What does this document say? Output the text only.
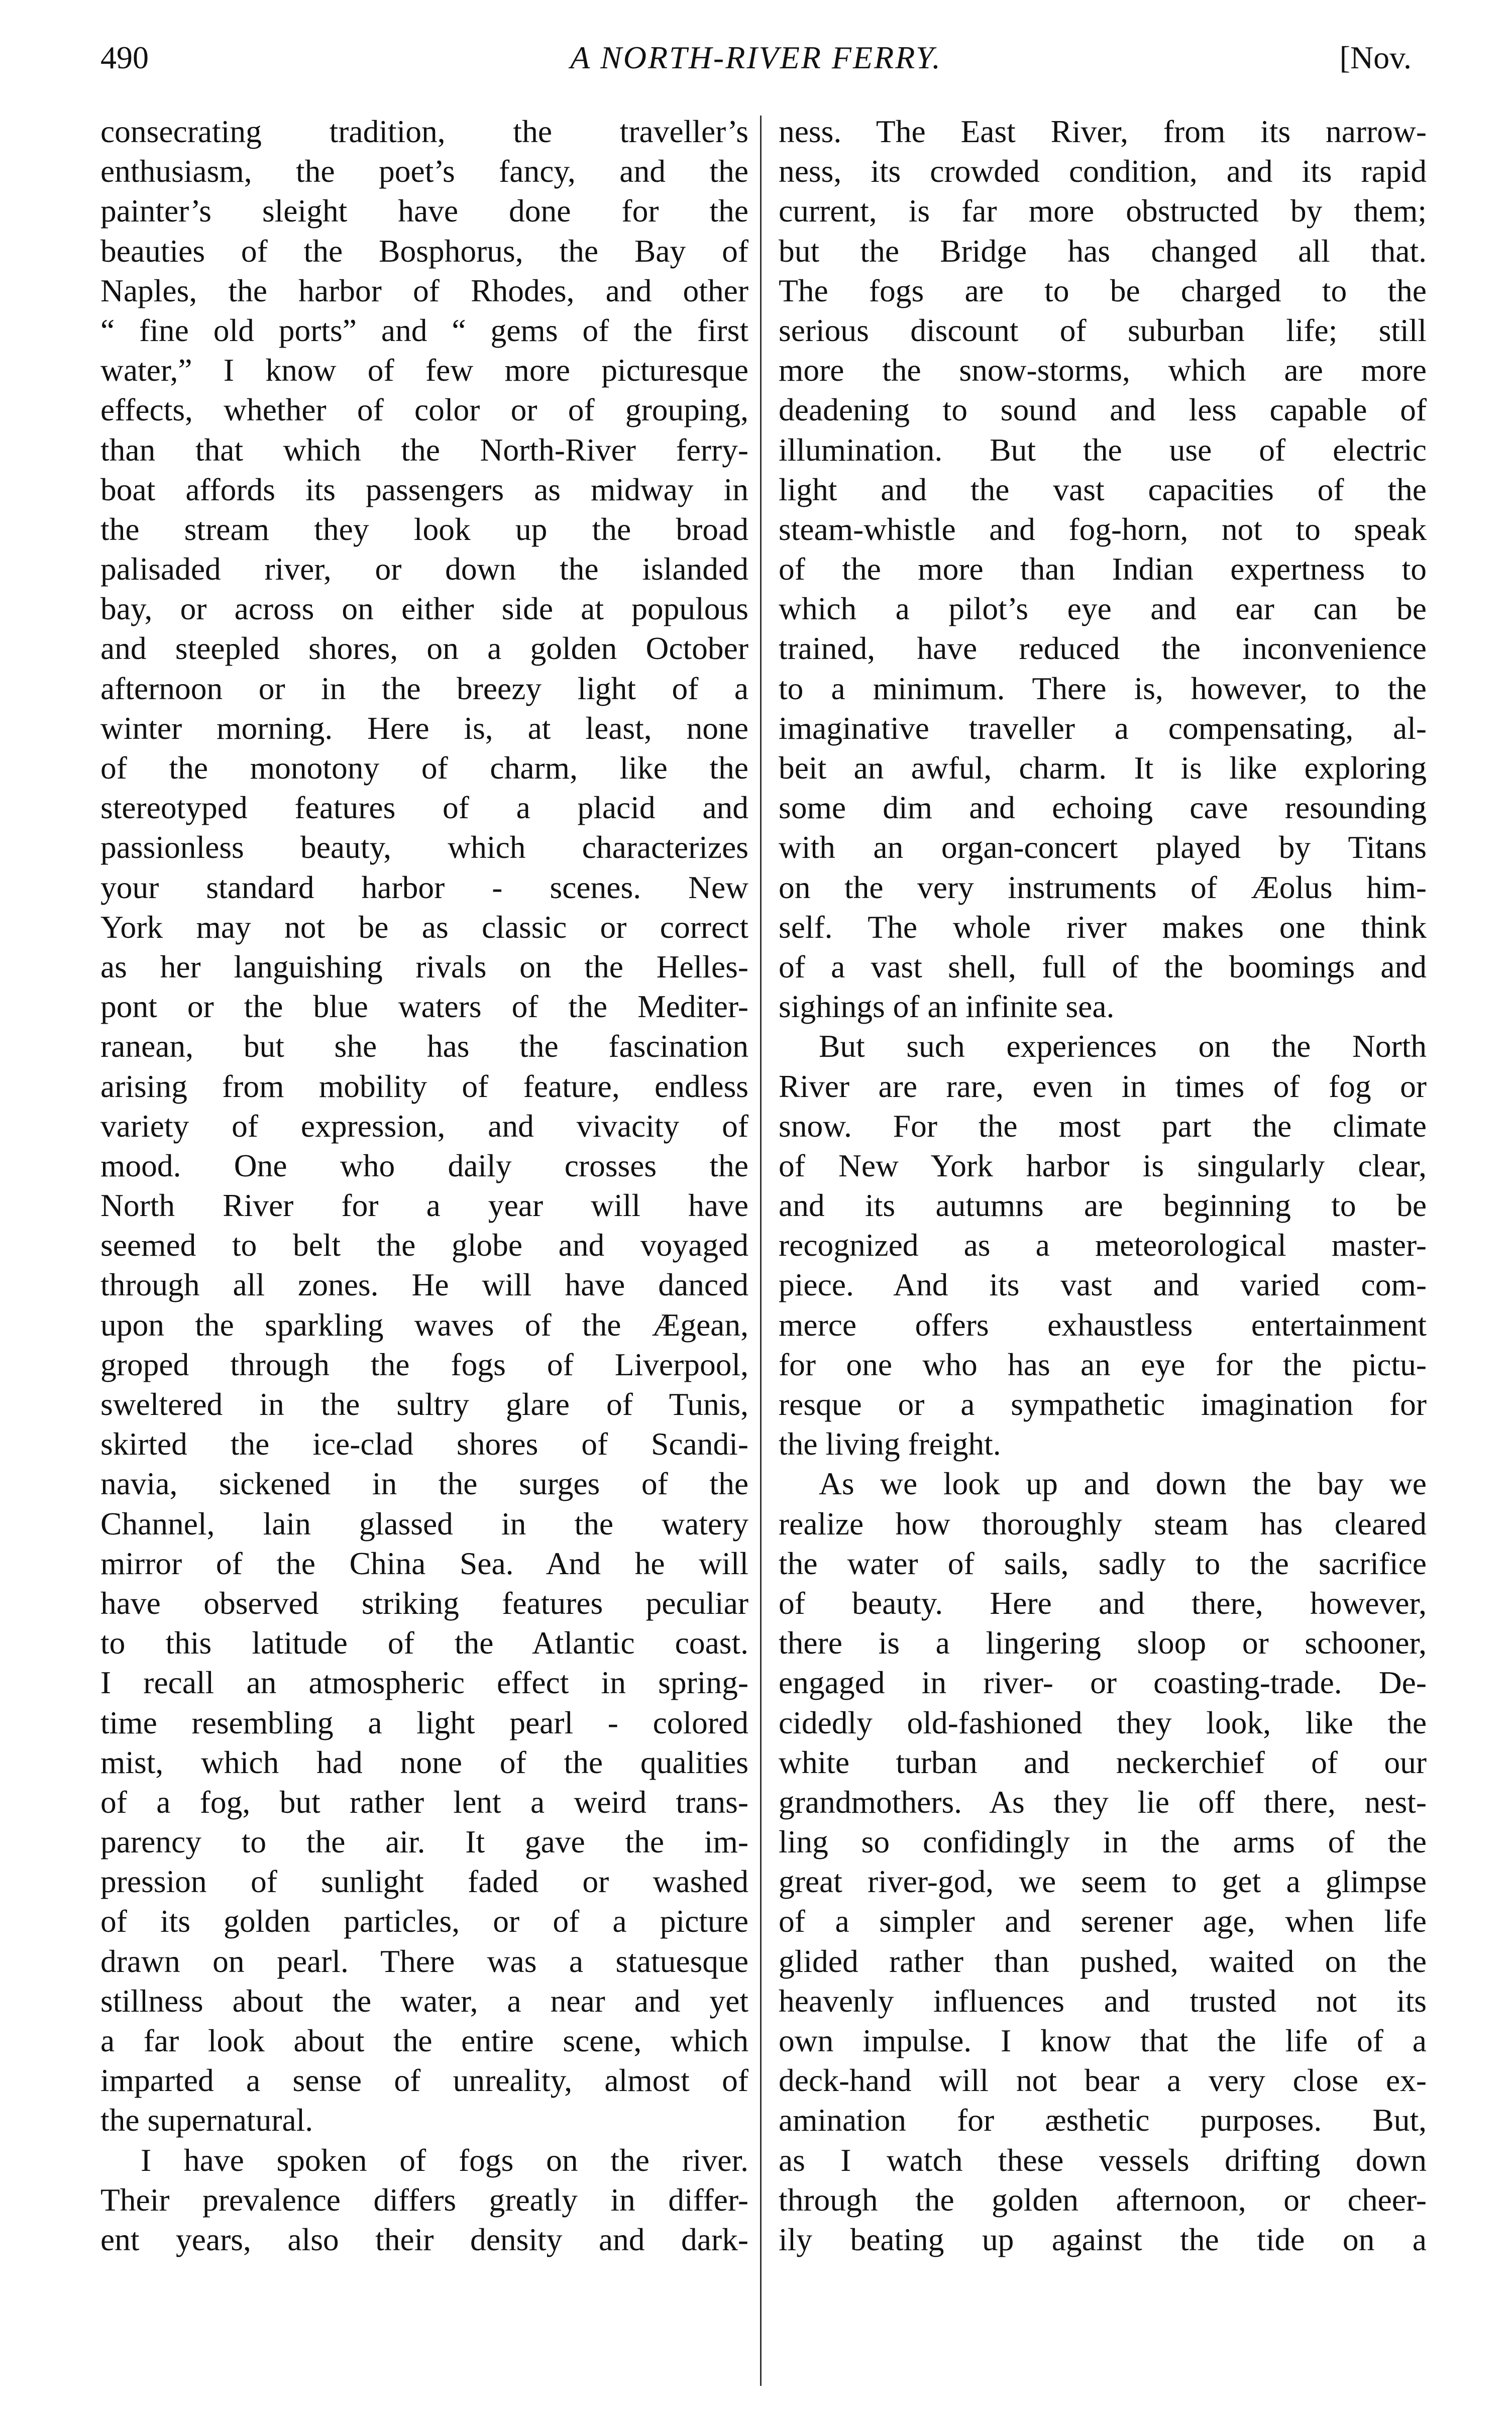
490	A NORTH-RIVER FERRY.	[Nov.
consecrating tradition, the traveller’s
enthusiasm, the poet’s fancy, and the
painter’s sleight have done for the
beauties of the Bosphorus, the Bay of
Naples, the harbor of Rhodes, and other
“ fine old ports” and “ gems of the first
water,” I know of few more picturesque
effects, whether of color or of grouping,
than that which the North-River ferry-
boat affords its passengers as midway in
the stream they look up the broad
palisaded river, or down the islanded
bay, or across on either side at populous
and steepled shores, on a golden October
afternoon or in the breezy light of a
winter morning. Here is, at least, none
of the monotony of charm, like the
stereotyped features of a placid and
passionless beauty, which characterizes
your standard harbor - scenes. New
York may not be as classic or correct
as her languishing rivals on the Helles-
pont or the blue waters of the Mediter-
ranean, but she has the fascination
arising from mobility of feature, endless
variety of expression, and vivacity of
mood. One who daily crosses the
North River for a year will have
seemed to belt the globe and voyaged
through all zones. He will have danced
upon the sparkling waves of the Ægean,
groped through the fogs of Liverpool,
sweltered in the sultry glare of Tunis,
skirted the ice-clad shores of Scandi-
navia, sickened in the surges of the
Channel, lain glassed in the watery
mirror of the China Sea. And he will
have observed striking features peculiar
to this latitude of the Atlantic coast.
I recall an atmospheric effect in spring-
time resembling a light pearl - colored
mist, which had none of the qualities
of a fog, but rather lent a weird trans-
parency to the air. It gave the im-
pression of sunlight faded or washed
of its golden particles, or of a picture
drawn on pearl. There was a statuesque
stillness about the water, a near and yet
a far look about the entire scene, which
imparted a sense of unreality, almost of
the supernatural.
I have spoken of fogs on the river.
Their prevalence differs greatly in differ-
ent years, also their density and dark-
ness. The East River, from its narrow-
ness, its crowded condition, and its rapid
current, is far more obstructed by them;
but the Bridge has changed all that.
The fogs are to be charged to the
serious discount of suburban life; still
more the snow-storms, which are more
deadening to sound and less capable of
illumination. But the use of electric
light and the vast capacities of the
steam-whistle and fog-horn, not to speak
of the more than Indian expertness to
which a pilot’s eye and ear can be
trained, have reduced the inconvenience
to a minimum. There is, however, to the
imaginative traveller a compensating, al-
beit an awful, charm. It is like exploring
some dim and echoing cave resounding
with an organ-concert played by Titans
on the very instruments of Æolus him-
self. The whole river makes one think
of a vast shell, full of the boomings and
sighings of an infinite sea.
But such experiences on the North
River are rare, even in times of fog or
snow. For the most part the climate
of New York harbor is singularly clear,
and its autumns are beginning to be
recognized as a meteorological master-
piece. And its vast and varied com-
merce offers exhaustless entertainment
for one who has an eye for the pictu-
resque or a sympathetic imagination for
the living freight.
As we look up and down the bay we
realize how thoroughly steam has cleared
the water of sails, sadly to the sacrifice
of beauty. Here and there, however,
there is a lingering sloop or schooner,
engaged in river- or coasting-trade. De-
cidedly old-fashioned they look, like the
white turban and neckerchief of our
grandmothers. As they lie off there, nest-
ling so confidingly in the arms of the
great river-god, we seem to get a glimpse
of a simpler and serener age, when life
glided rather than pushed, waited on the
heavenly influences and trusted not its
own impulse. I know that the life of a
deck-hand will not bear a very close ex-
amination for æsthetic purposes. But,
as I watch these vessels drifting down
through the golden afternoon, or cheer-
ily beating up against the tide on a
